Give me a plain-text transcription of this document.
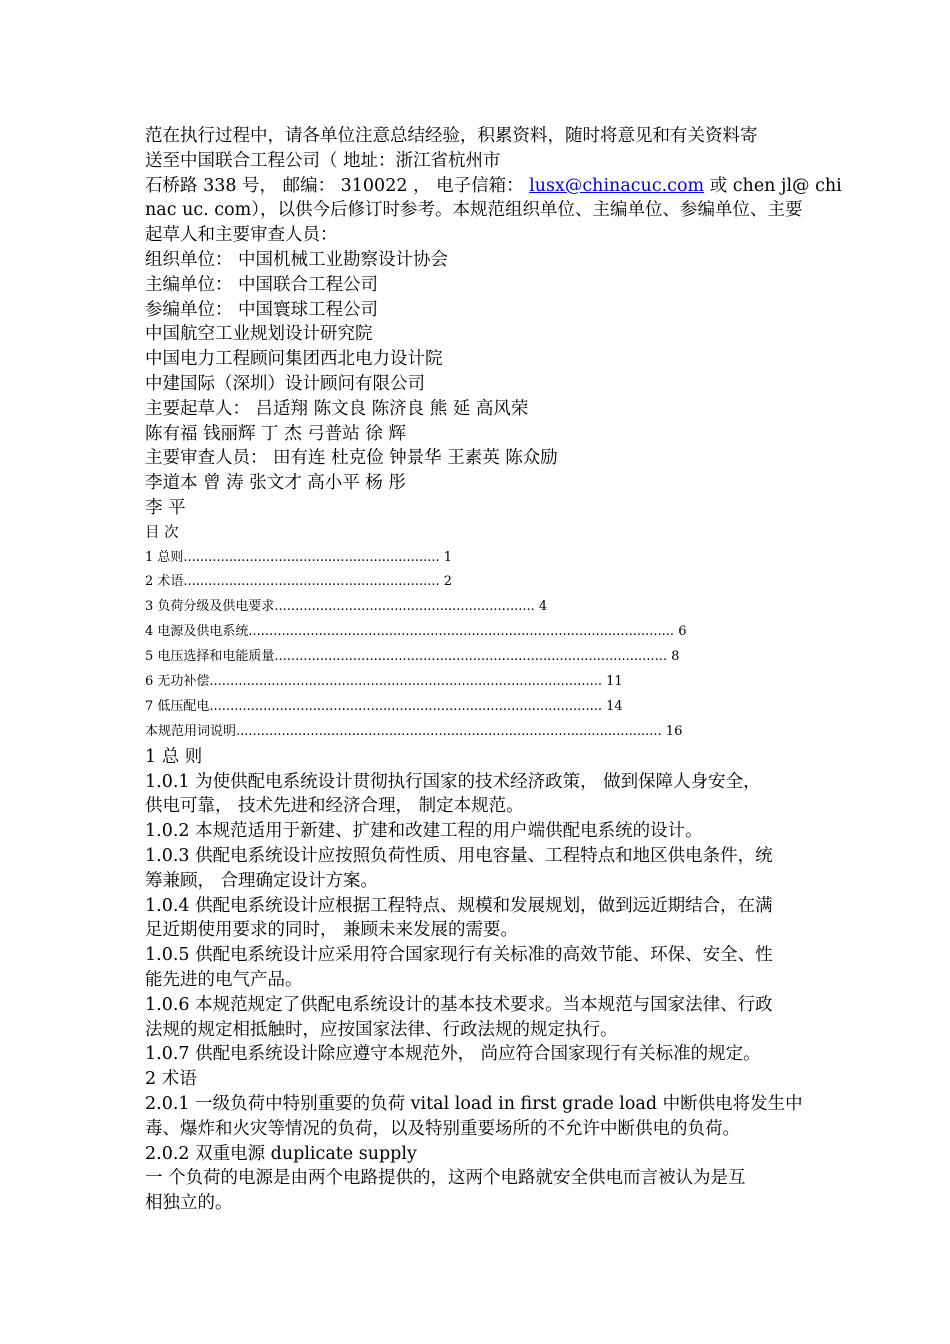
范在执行过程中，请各单位注意总结经验，积累资料，随时将意见和有关资料寄

送至中国联合工程公司（ 地址：浙江省杭州市

石桥路 338 号， 邮编： 310022 ， 电子信箱： lusx@chinacuc.com 或 chen jl@ chi

nac uc. com），以供今后修订时参考。本规范组织单位、主编单位、参编单位、主要

起草人和主要审查人员：

组织单位： 中国机械工业勘察设计协会

主编单位： 中国联合工程公司

参编单位： 中国寰球工程公司

中国航空工业规划设计研究院

中国电力工程顾问集团西北电力设计院

中建国际（深圳）设计顾问有限公司

主要起草人： 吕适翔 陈文良 陈济良 熊 延 高风荣

陈有福 钱丽辉 丁 杰 弓普站 徐 辉

主要审查人员： 田有连 杜克俭 钟景华 王素英 陈众励

李道本 曾 涛 张文才 高小平 杨 彤

李 平

目 次

1 总则.............................................................. 1
2 术语.............................................................. 2
3 负荷分级及供电要求............................................................... 4
4 电源及供电系统....................................................................................................... 6
5 电压选择和电能质量............................................................................................... 8
6 无功补偿............................................................................................... 11
7 低压配电............................................................................................... 14
本规范用词说明....................................................................................................... 16

1 总 则

1.0.1 为使供配电系统设计贯彻执行国家的技术经济政策， 做到保障人身安全，

供电可靠， 技术先进和经济合理， 制定本规范。

1.0.2 本规范适用于新建、扩建和改建工程的用户端供配电系统的设计。

1.0.3 供配电系统设计应按照负荷性质、用电容量、工程特点和地区供电条件，统

筹兼顾， 合理确定设计方案。

1.0.4 供配电系统设计应根据工程特点、规模和发展规划，做到远近期结合，在满

足近期使用要求的同时， 兼顾未来发展的需要。

1.0.5 供配电系统设计应采用符合国家现行有关标准的高效节能、环保、安全、性

能先进的电气产品。

1.0.6 本规范规定了供配电系统设计的基本技术要求。当本规范与国家法律、行政

法规的规定相抵触时，应按国家法律、行政法规的规定执行。

1.0.7 供配电系统设计除应遵守本规范外， 尚应符合国家现行有关标准的规定。

2 术语

2.0.1 一级负荷中特别重要的负荷 vital load in first grade load 中断供电将发生中

毒、爆炸和火灾等情况的负荷，以及特别重要场所的不允许中断供电的负荷。

2.0.2 双重电源 duplicate supply

一 个负荷的电源是由两个电路提供的，这两个电路就安全供电而言被认为是互

相独立的。
